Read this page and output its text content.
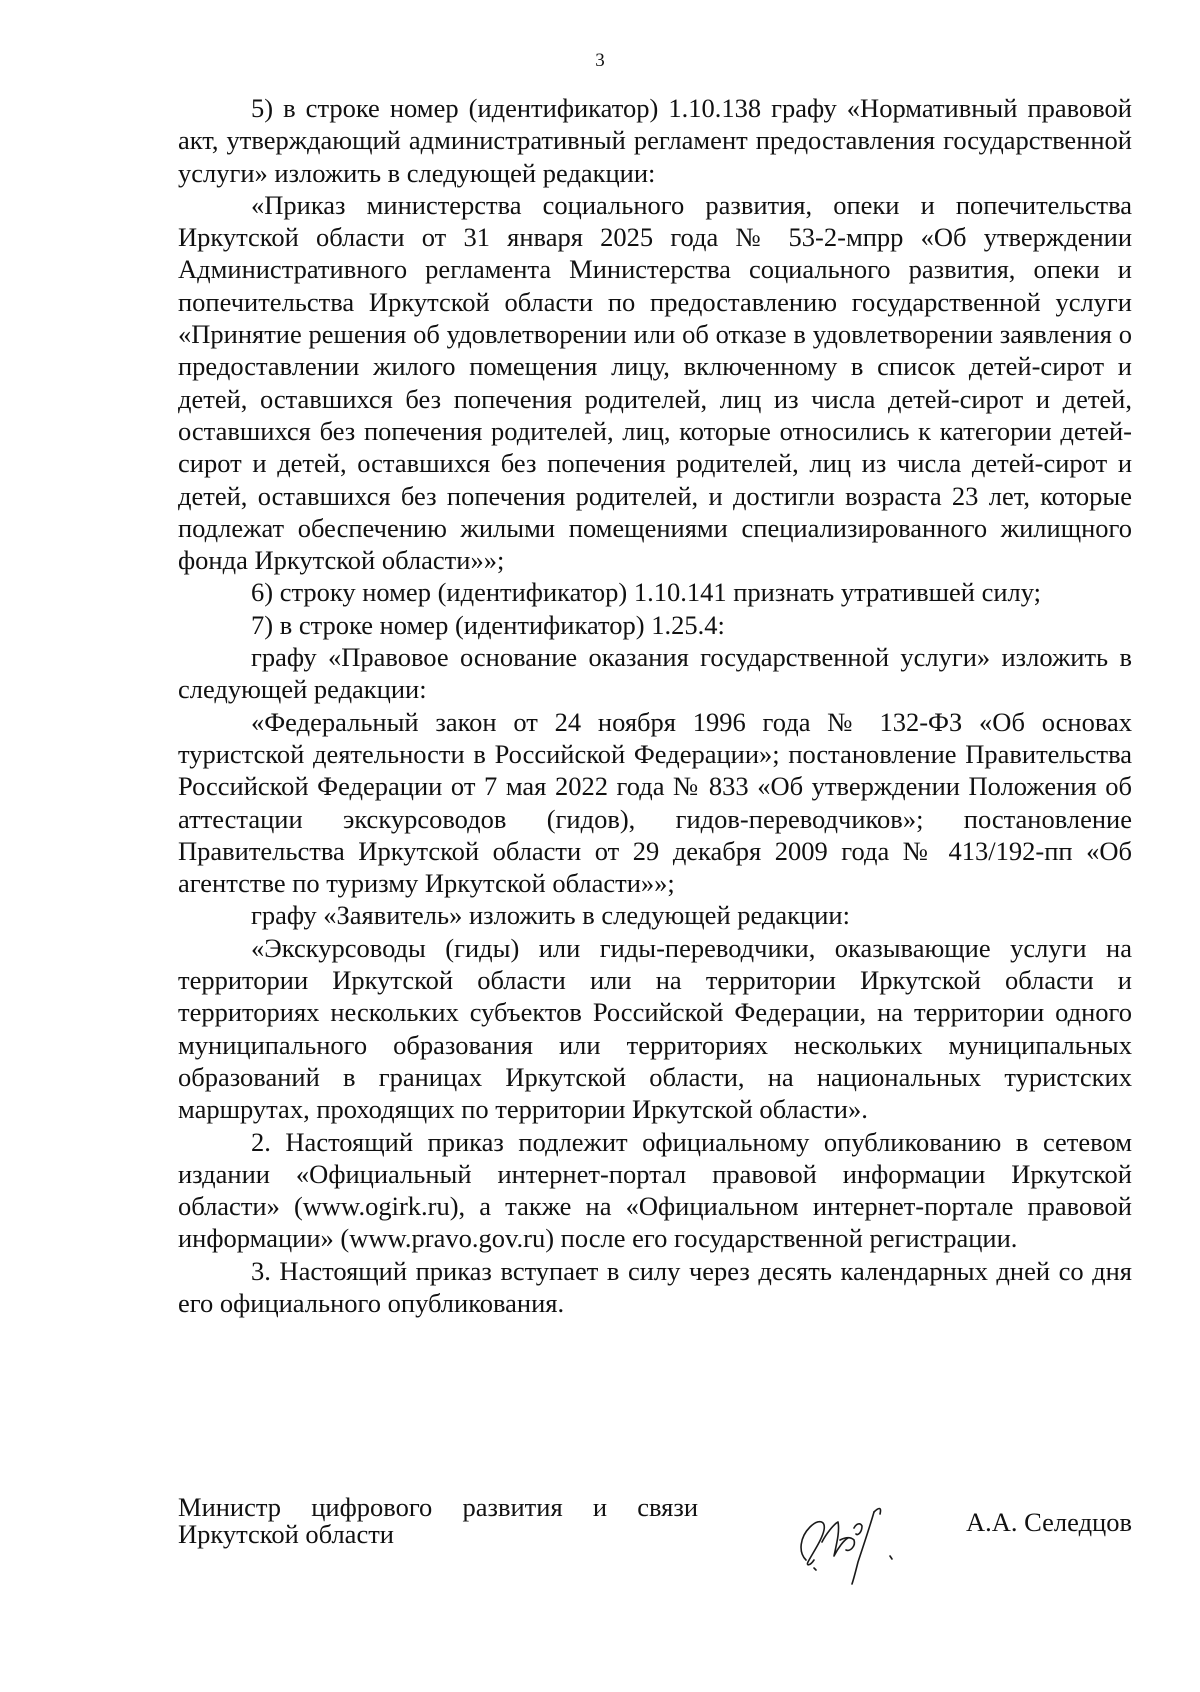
3

5) в строке номер (идентификатор) 1.10.138 графу «Нормативный правовой акт, утверждающий административный регламент предоставления государственной услуги» изложить в следующей редакции:

«Приказ министерства социального развития, опеки и попечительства Иркутской области от 31 января 2025 года № 53-2-мпрр «Об утверждении Административного регламента Министерства социального развития, опеки и попечительства Иркутской области по предоставлению государственной услуги «Принятие решения об удовлетворении или об отказе в удовлетворении заявления о предоставлении жилого помещения лицу, включенному в список детей-сирот и детей, оставшихся без попечения родителей, лиц из числа детей-сирот и детей, оставшихся без попечения родителей, лиц, которые относились к категории детей-сирот и детей, оставшихся без попечения родителей, лиц из числа детей-сирот и детей, оставшихся без попечения родителей, и достигли возраста 23 лет, которые подлежат обеспечению жилыми помещениями специализированного жилищного фонда Иркутской области»»;

6) строку номер (идентификатор) 1.10.141 признать утратившей силу;

7) в строке номер (идентификатор) 1.25.4:

графу «Правовое основание оказания государственной услуги» изложить в следующей редакции:

«Федеральный закон от 24 ноября 1996 года № 132-ФЗ «Об основах туристской деятельности в Российской Федерации»; постановление Правительства Российской Федерации от 7 мая 2022 года № 833 «Об утверждении Положения об аттестации экскурсоводов (гидов), гидов-переводчиков»; постановление Правительства Иркутской области от 29 декабря 2009 года № 413/192-пп «Об агентстве по туризму Иркутской области»»;

графу «Заявитель» изложить в следующей редакции:

«Экскурсоводы (гиды) или гиды-переводчики, оказывающие услуги на территории Иркутской области или на территории Иркутской области и территориях нескольких субъектов Российской Федерации, на территории одного муниципального образования или территориях нескольких муниципальных образований в границах Иркутской области, на национальных туристских маршрутах, проходящих по территории Иркутской области».

2. Настоящий приказ подлежит официальному опубликованию в сетевом издании «Официальный интернет-портал правовой информации Иркутской области» (www.ogirk.ru), а также на «Официальном интернет-портале правовой информации» (www.pravo.gov.ru) после его государственной регистрации.

3. Настоящий приказ вступает в силу через десять календарных дней со дня его официального опубликования.

Министр цифрового развития и связи
Иркутской области	А.А. Селедцов
